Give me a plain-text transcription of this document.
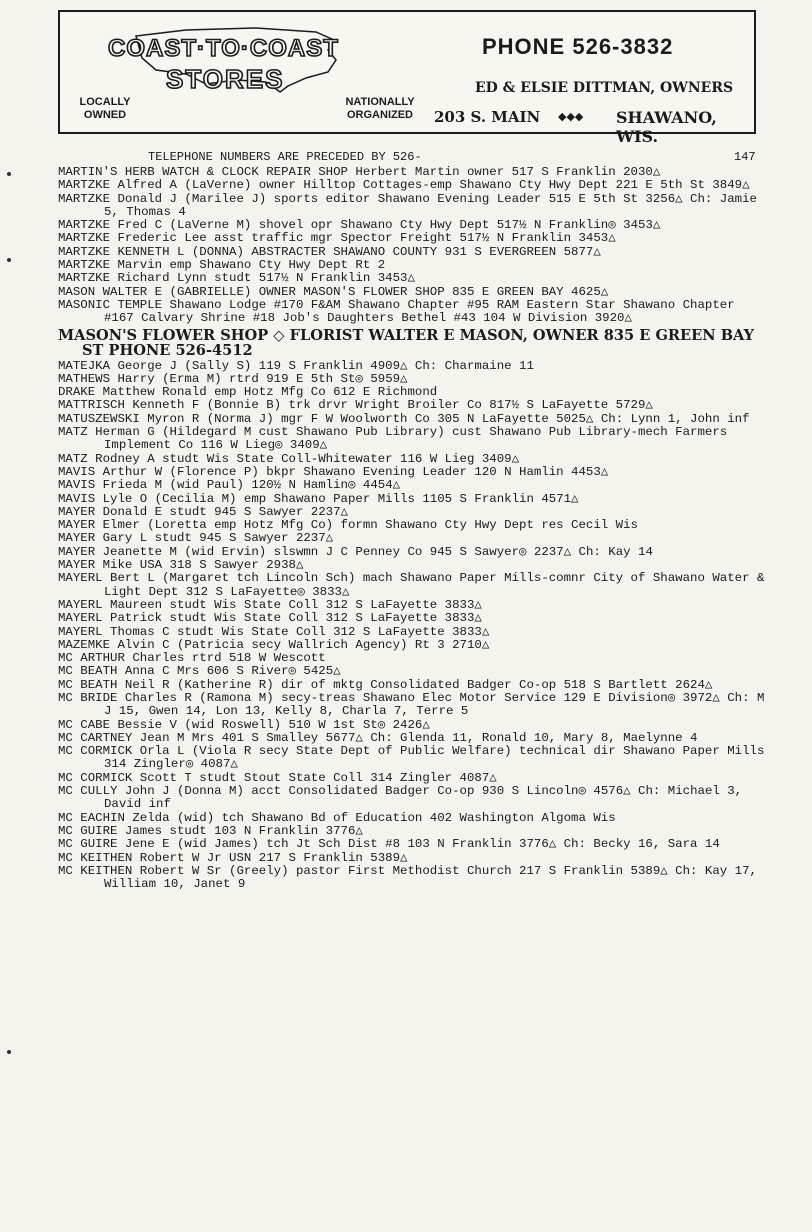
COAST·TO·COAST
STORES
LOCALLY
OWNED
NATIONALLY
ORGANIZED
PHONE 526-3832
ED & ELSIE DITTMAN, OWNERS
203 S. MAIN ◆◆◆ SHAWANO, WIS.
TELEPHONE NUMBERS ARE PRECEDED BY 526-	147

MARTIN'S HERB WATCH & CLOCK REPAIR SHOP Herbert Martin owner 517 S Franklin 2030△

MARTZKE Alfred A (LaVerne) owner Hilltop Cottages-emp Shawano Cty Hwy Dept 221 E 5th St 3849△

MARTZKE Donald J (Marilee J) sports editor Shawano Evening Leader 515 E 5th St 3256△ Ch: Jamie 5, Thomas 4

MARTZKE Fred C (LaVerne M) shovel opr Shawano Cty Hwy Dept 517½ N Franklin◎ 3453△

MARTZKE Frederic Lee asst traffic mgr Spector Freight 517½ N Franklin 3453△

MARTZKE KENNETH L (DONNA) ABSTRACTER SHAWANO COUNTY 931 S EVERGREEN 5877△

MARTZKE Marvin emp Shawano Cty Hwy Dept Rt 2

MARTZKE Richard Lynn studt 517½ N Franklin 3453△

MASON WALTER E (GABRIELLE) OWNER MASON'S FLOWER SHOP 835 E GREEN BAY 4625△

MASONIC TEMPLE Shawano Lodge #170 F&AM Shawano Chapter #95 RAM Eastern Star Shawano Chapter #167 Calvary Shrine #18 Job's Daughters Bethel #43 104 W Division 3920△

MASON'S FLOWER SHOP ◇ FLORIST WALTER E MASON, OWNER 835 E GREEN BAY ST PHONE 526-4512

MATEJKA George J (Sally S) 119 S Franklin 4909△ Ch: Charmaine 11

MATHEWS Harry (Erma M) rtrd 919 E 5th St◎ 5959△

DRAKE Matthew Ronald emp Hotz Mfg Co 612 E Richmond

MATTRISCH Kenneth F (Bonnie B) trk drvr Wright Broiler Co 817½ S LaFayette 5729△

MATUSZEWSKI Myron R (Norma J) mgr F W Woolworth Co 305 N LaFayette 5025△ Ch: Lynn 1, John inf

MATZ Herman G (Hildegard M cust Shawano Pub Library) cust Shawano Pub Library-mech Farmers Implement Co 116 W Lieg◎ 3409△

MATZ Rodney A studt Wis State Coll-Whitewater 116 W Lieg 3409△

MAVIS Arthur W (Florence P) bkpr Shawano Evening Leader 120 N Hamlin 4453△

MAVIS Frieda M (wid Paul) 120½ N Hamlin◎ 4454△

MAVIS Lyle O (Cecilia M) emp Shawano Paper Mills 1105 S Franklin 4571△

MAYER Donald E studt 945 S Sawyer 2237△

MAYER Elmer (Loretta emp Hotz Mfg Co) formn Shawano Cty Hwy Dept res Cecil Wis

MAYER Gary L studt 945 S Sawyer 2237△

MAYER Jeanette M (wid Ervin) slswmn J C Penney Co 945 S Sawyer◎ 2237△ Ch: Kay 14

MAYER Mike USA 318 S Sawyer 2938△

MAYERL Bert L (Margaret tch Lincoln Sch) mach Shawano Paper Mills-comnr City of Shawano Water & Light Dept 312 S LaFayette◎ 3833△

MAYERL Maureen studt Wis State Coll 312 S LaFayette 3833△

MAYERL Patrick studt Wis State Coll 312 S LaFayette 3833△

MAYERL Thomas C studt Wis State Coll 312 S LaFayette 3833△

MAZEMKE Alvin C (Patricia secy Wallrich Agency) Rt 3 2710△

MC ARTHUR Charles rtrd 518 W Wescott

MC BEATH Anna C Mrs 606 S River◎ 5425△

MC BEATH Neil R (Katherine R) dir of mktg Consolidated Badger Co-op 518 S Bartlett 2624△

MC BRIDE Charles R (Ramona M) secy-treas Shawano Elec Motor Service 129 E Division◎ 3972△ Ch: M J 15, Gwen 14, Lon 13, Kelly 8, Charla 7, Terre 5

MC CABE Bessie V (wid Roswell) 510 W 1st St◎ 2426△

MC CARTNEY Jean M Mrs 401 S Smalley 5677△ Ch: Glenda 11, Ronald 10, Mary 8, Maelynne 4

MC CORMICK Orla L (Viola R secy State Dept of Public Welfare) technical dir Shawano Paper Mills 314 Zingler◎ 4087△

MC CORMICK Scott T studt Stout State Coll 314 Zingler 4087△

MC CULLY John J (Donna M) acct Consolidated Badger Co-op 930 S Lincoln◎ 4576△ Ch: Michael 3, David inf

MC EACHIN Zelda (wid) tch Shawano Bd of Education 402 Washington Algoma Wis

MC GUIRE James studt 103 N Franklin 3776△

MC GUIRE Jene E (wid James) tch Jt Sch Dist #8 103 N Franklin 3776△ Ch: Becky 16, Sara 14

MC KEITHEN Robert W Jr USN 217 S Franklin 5389△

MC KEITHEN Robert W Sr (Greely) pastor First Methodist Church 217 S Franklin 5389△ Ch: Kay 17, William 10, Janet 9
